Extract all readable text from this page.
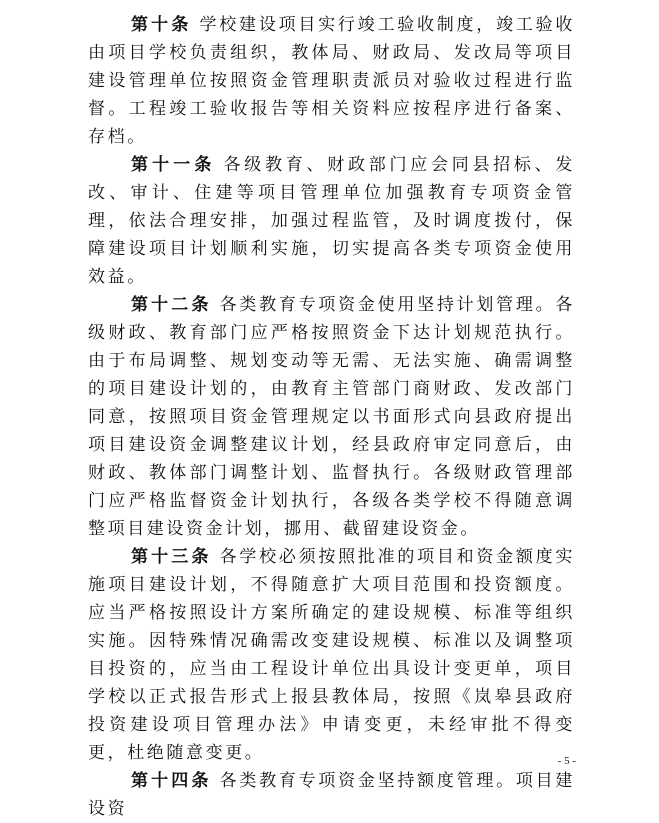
第十条 学校建设项目实行竣工验收制度，竣工验收由项目学校负责组织，教体局、财政局、发改局等项目建设管理单位按照资金管理职责派员对验收过程进行监督。工程竣工验收报告等相关资料应按程序进行备案、存档。

第十一条 各级教育、财政部门应会同县招标、发改、审计、住建等项目管理单位加强教育专项资金管理，依法合理安排，加强过程监管，及时调度拨付，保障建设项目计划顺利实施，切实提高各类专项资金使用效益。

第十二条 各类教育专项资金使用坚持计划管理。各级财政、教育部门应严格按照资金下达计划规范执行。由于布局调整、规划变动等无需、无法实施、确需调整的项目建设计划的，由教育主管部门商财政、发改部门同意，按照项目资金管理规定以书面形式向县政府提出项目建设资金调整建议计划，经县政府审定同意后，由财政、教体部门调整计划、监督执行。各级财政管理部门应严格监督资金计划执行，各级各类学校不得随意调整项目建设资金计划，挪用、截留建设资金。

第十三条 各学校必须按照批准的项目和资金额度实施项目建设计划，不得随意扩大项目范围和投资额度。应当严格按照设计方案所确定的建设规模、标准等组织实施。因特殊情况确需改变建设规模、标准以及调整项目投资的，应当由工程设计单位出具设计变更单，项目学校以正式报告形式上报县教体局，按照《岚皋县政府投资建设项目管理办法》申请变更，未经审批不得变更，杜绝随意变更。

第十四条 各类教育专项资金坚持额度管理。项目建设资

- 5 -
